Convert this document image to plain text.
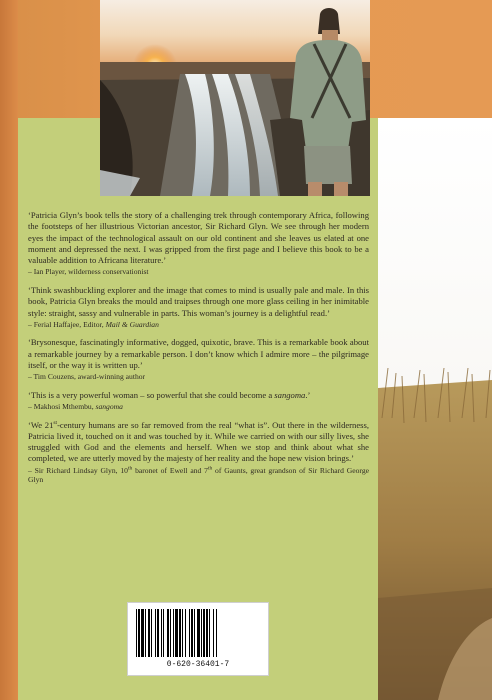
‘Patricia Glyn’s book tells the story of a challenging trek through contemporary Africa, following the footsteps of her illustrious Victorian ancestor, Sir Richard Glyn. We see through her modern eyes the impact of the technological assault on our old continent and she leaves us elated at one moment and depressed the next. I was gripped from the first page and I believe this book to be a valuable addition to Africana literature.’

– Ian Player, wilderness conservationist

‘Think swashbuckling explorer and the image that comes to mind is usually pale and male. In this book, Patricia Glyn breaks the mould and traipses through one more glass ceiling in her inimitable style: straight, sassy and vulnerable in parts. This woman’s journey is a delightful read.’

– Ferial Haffajee, Editor, Mail & Guardian

‘Brysonesque, fascinatingly informative, dogged, quixotic, brave. This is a remarkable book about a remarkable journey by a remarkable person. I don’t know which I admire more – the pilgrimage itself, or the way it is written up.’

– Tim Couzens, award-winning author

‘This is a very powerful woman – so powerful that she could become a sangoma.’

– Makhosi Mthembu, sangoma

‘We 21st-century humans are so far removed from the real “what is”. Out there in the wilderness, Patricia lived it, touched on it and was touched by it. While we carried on with our silly lives, she struggled with God and the elements and herself. When we stop and think about what she completed, we are utterly moved by the majesty of her reality and the hope new vision brings.’

– Sir Richard Lindsay Glyn, 10th baronet of Ewell and 7th of Gaunts, great grandson of Sir Richard George Glyn

0-620-36401-7
